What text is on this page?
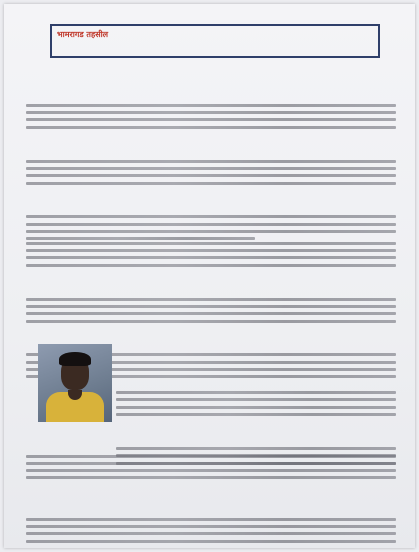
भामरागड तहसील
